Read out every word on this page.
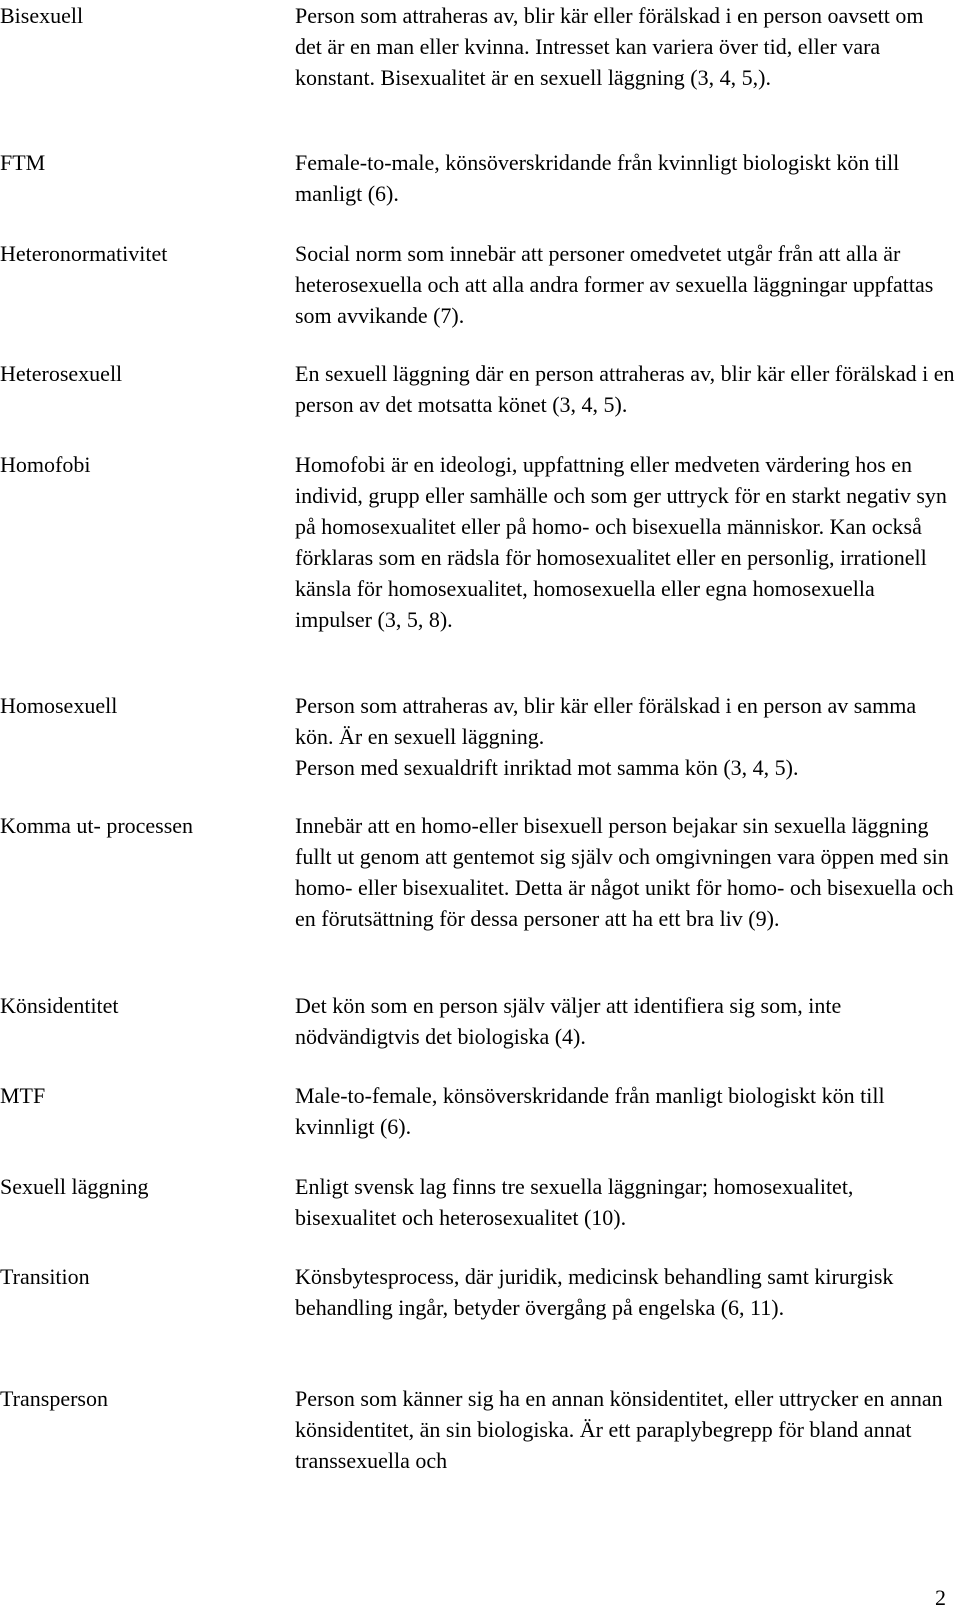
Bisexuell	Person som attraheras av, blir kär eller förälskad i en person oavsett om det är en man eller kvinna. Intresset kan variera över tid, eller vara konstant. Bisexualitet är en sexuell läggning (3, 4, 5,).

FTM	Female-to-male, könsöverskridande från kvinnligt biologiskt kön till manligt (6).

Heteronormativitet	Social norm som innebär att personer omedvetet utgår från att alla är heterosexuella och att alla andra former av sexuella läggningar uppfattas som avvikande (7).

Heterosexuell	En sexuell läggning där en person attraheras av, blir kär eller förälskad i en person av det motsatta könet (3, 4, 5).

Homofobi	Homofobi är en ideologi, uppfattning eller medveten värdering hos en individ, grupp eller samhälle och som ger uttryck för en starkt negativ syn på homosexualitet eller på homo- och bisexuella människor. Kan också förklaras som en rädsla för homosexualitet eller en personlig, irrationell känsla för homosexualitet, homosexuella eller egna homosexuella impulser (3, 5, 8).

Homosexuell	Person som attraheras av, blir kär eller förälskad i en person av samma kön. Är en sexuell läggning.

Person med sexualdrift inriktad mot samma kön (3, 4, 5).

Komma ut- processen	Innebär att en homo-eller bisexuell person bejakar sin sexuella läggning fullt ut genom att gentemot sig själv och omgivningen vara öppen med sin homo- eller bisexualitet. Detta är något unikt för homo- och bisexuella och en förutsättning för dessa personer att ha ett bra liv (9).

Könsidentitet	Det kön som en person själv väljer att identifiera sig som, inte nödvändigtvis det biologiska (4).

MTF	Male-to-female, könsöverskridande från manligt biologiskt kön till kvinnligt (6).

Sexuell läggning	Enligt svensk lag finns tre sexuella läggningar; homosexualitet, bisexualitet och heterosexualitet (10).

Transition	Könsbytesprocess, där juridik, medicinsk behandling samt kirurgisk behandling ingår, betyder övergång på engelska (6, 11).

Transperson	Person som känner sig ha en annan könsidentitet, eller uttrycker en annan könsidentitet, än sin biologiska. Är ett paraplybegrepp för bland annat transsexuella och

2
